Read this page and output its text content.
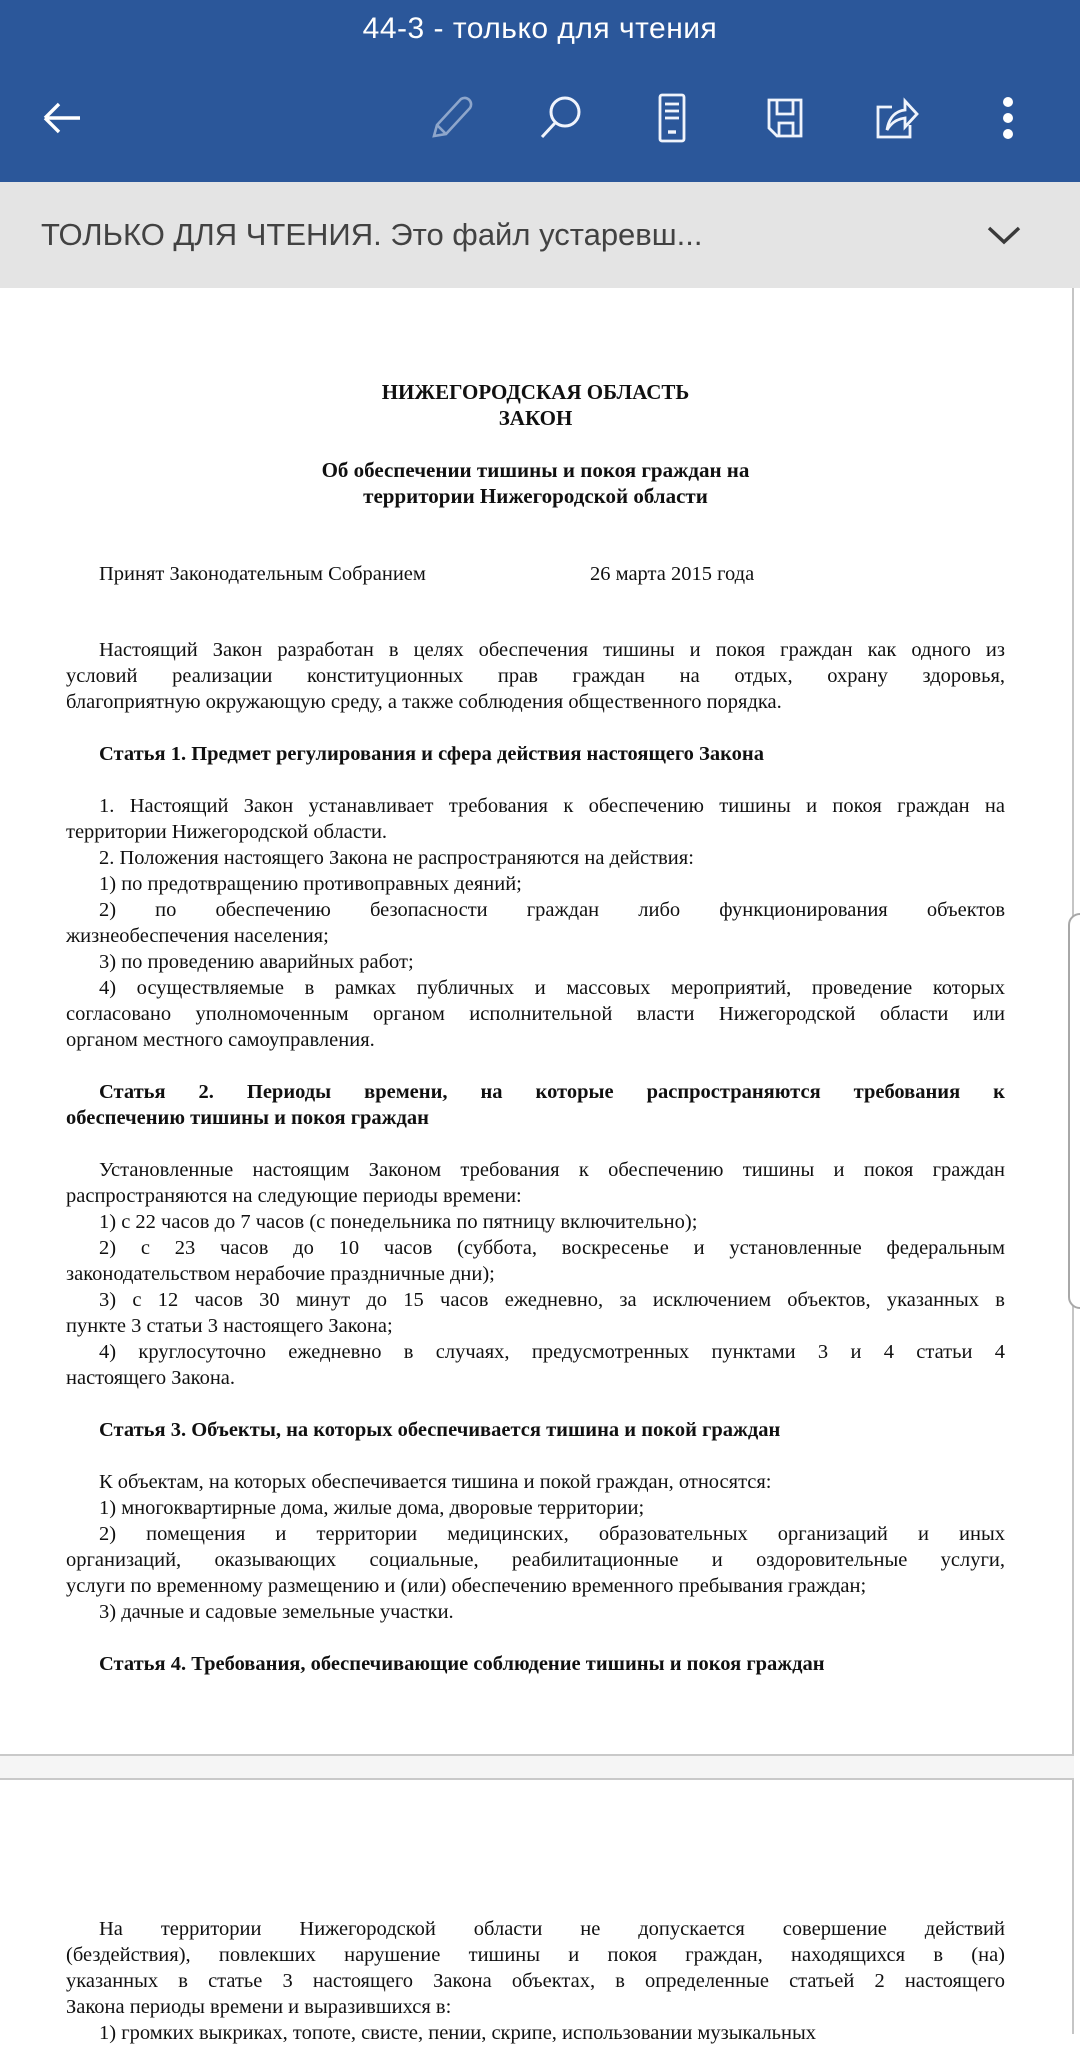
44-3 - только для чтения
ТОЛЬКО ДЛЯ ЧТЕНИЯ. Это файл устаревш...
НИЖЕГОРОДСКАЯ ОБЛАСТЬ
ЗАКОН
Об обеспечении тишины и покоя граждан на
территории Нижегородской области
Принят Законодательным Собранием	26 марта 2015 года
Настоящий Закон разработан в целях обеспечения тишины и покоя граждан как одного из
условий реализации конституционных прав граждан на отдых, охрану здоровья,
благоприятную окружающую среду, а также соблюдения общественного порядка.
Статья 1. Предмет регулирования и сфера действия настоящего Закона
1. Настоящий Закон устанавливает требования к обеспечению тишины и покоя граждан на
территории Нижегородской области.
2. Положения настоящего Закона не распространяются на действия:
1) по предотвращению противоправных деяний;
2) по обеспечению безопасности граждан либо функционирования объектов
жизнеобеспечения населения;
3) по проведению аварийных работ;
4) осуществляемые в рамках публичных и массовых мероприятий, проведение которых
согласовано уполномоченным органом исполнительной власти Нижегородской области или
органом местного самоуправления.
Статья 2. Периоды времени, на которые распространяются требования к
обеспечению тишины и покоя граждан
Установленные настоящим Законом требования к обеспечению тишины и покоя граждан
распространяются на следующие периоды времени:
1) с 22 часов до 7 часов (с понедельника по пятницу включительно);
2) с 23 часов до 10 часов (суббота, воскресенье и установленные федеральным
законодательством нерабочие праздничные дни);
3) с 12 часов 30 минут до 15 часов ежедневно, за исключением объектов, указанных в
пункте 3 статьи 3 настоящего Закона;
4) круглосуточно ежедневно в случаях, предусмотренных пунктами 3 и 4 статьи 4
настоящего Закона.
Статья 3. Объекты, на которых обеспечивается тишина и покой граждан
К объектам, на которых обеспечивается тишина и покой граждан, относятся:
1) многоквартирные дома, жилые дома, дворовые территории;
2) помещения и территории медицинских, образовательных организаций и иных
организаций, оказывающих социальные, реабилитационные и оздоровительные услуги,
услуги по временному размещению и (или) обеспечению временного пребывания граждан;
3) дачные и садовые земельные участки.
Статья 4. Требования, обеспечивающие соблюдение тишины и покоя граждан
На территории Нижегородской области не допускается совершение действий
(бездействия), повлекших нарушение тишины и покоя граждан, находящихся в (на)
указанных в статье 3 настоящего Закона объектах, в определенные статьей 2 настоящего
Закона периоды времени и выразившихся в:
1) громких выкриках, топоте, свисте, пении, скрипе, использовании музыкальных
